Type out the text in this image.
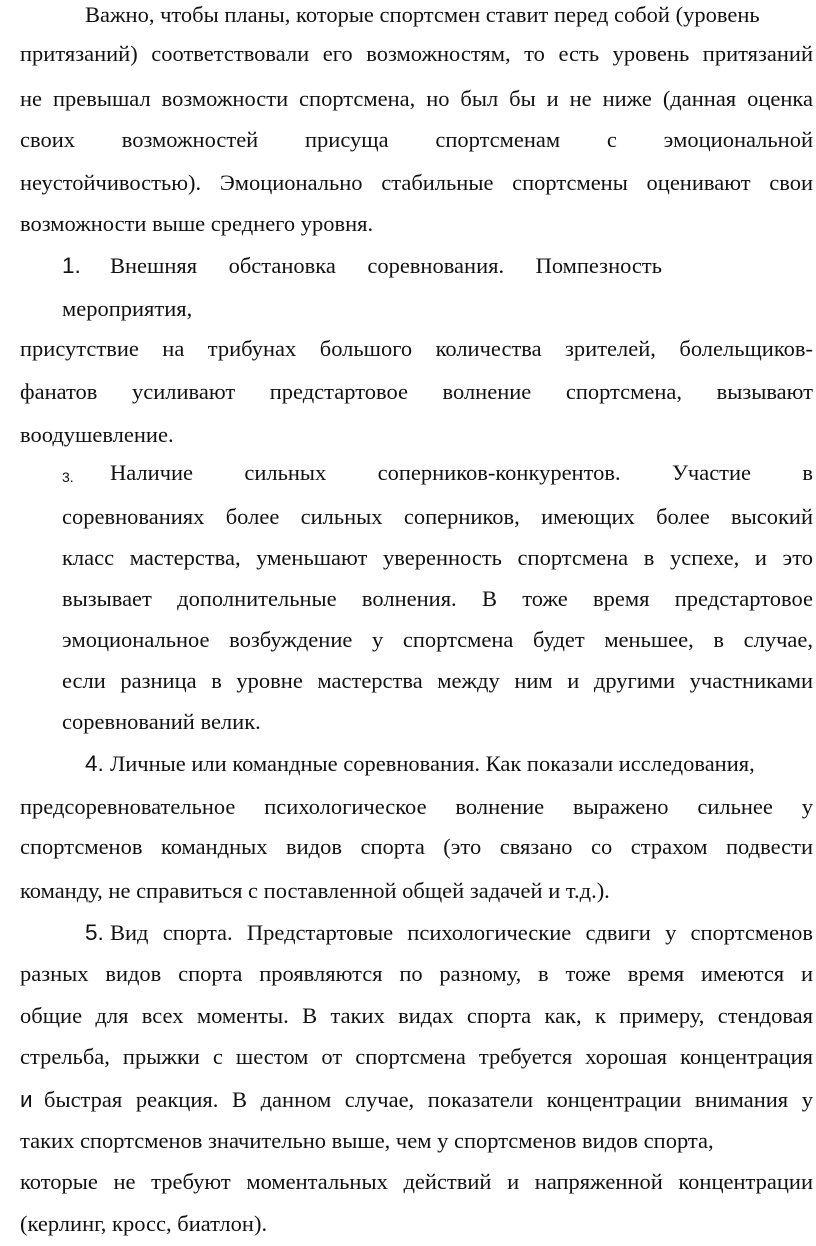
Важно, чтобы планы, которые спортсмен ставит перед собой (уровень
притязаний) соответствовали его возможностям, то есть уровень притязаний
не превышал возможности спортсмена, но был бы и не ниже (данная оценка
своих возможностей присуща спортсменам с эмоциональной
неустойчивостью). Эмоционально стабильные спортсмены оценивают свои
возможности выше среднего уровня.
1. Внешняя обстановка соревнования. Помпезность
мероприятия,
присутствие на трибунах большого количества зрителей, болельщиков-
фанатов усиливают предстартовое волнение спортсмена, вызывают
воодушевление.
3. Наличие сильных соперников-конкурентов. Участие в
соревнованиях более сильных соперников, имеющих более высокий
класс мастерства, уменьшают уверенность спортсмена в успехе, и это
вызывает дополнительные волнения. В тоже время предстартовое
эмоциональное возбуждение у спортсмена будет меньшее, в случае,
если разница в уровне мастерства между ним и другими участниками
соревнований велик.
4. Личные или командные соревнования. Как показали исследования,
предсоревновательное психологическое волнение выражено сильнее у
спортсменов командных видов спорта (это связано со страхом подвести
команду, не справиться с поставленной общей задачей и т.д.).
5. Вид спорта. Предстартовые психологические сдвиги у спортсменов
разных видов спорта проявляются по разному, в тоже время имеются и
общие для всех моменты. В таких видах спорта как, к примеру, стендовая
стрельба, прыжки с шестом от спортсмена требуется хорошая концентрация
и быстрая реакция. В данном случае, показатели концентрации внимания у
таких спортсменов значительно выше, чем у спортсменов видов спорта,
которые не требуют моментальных действий и напряженной концентрации
(керлинг, кросс, биатлон).
